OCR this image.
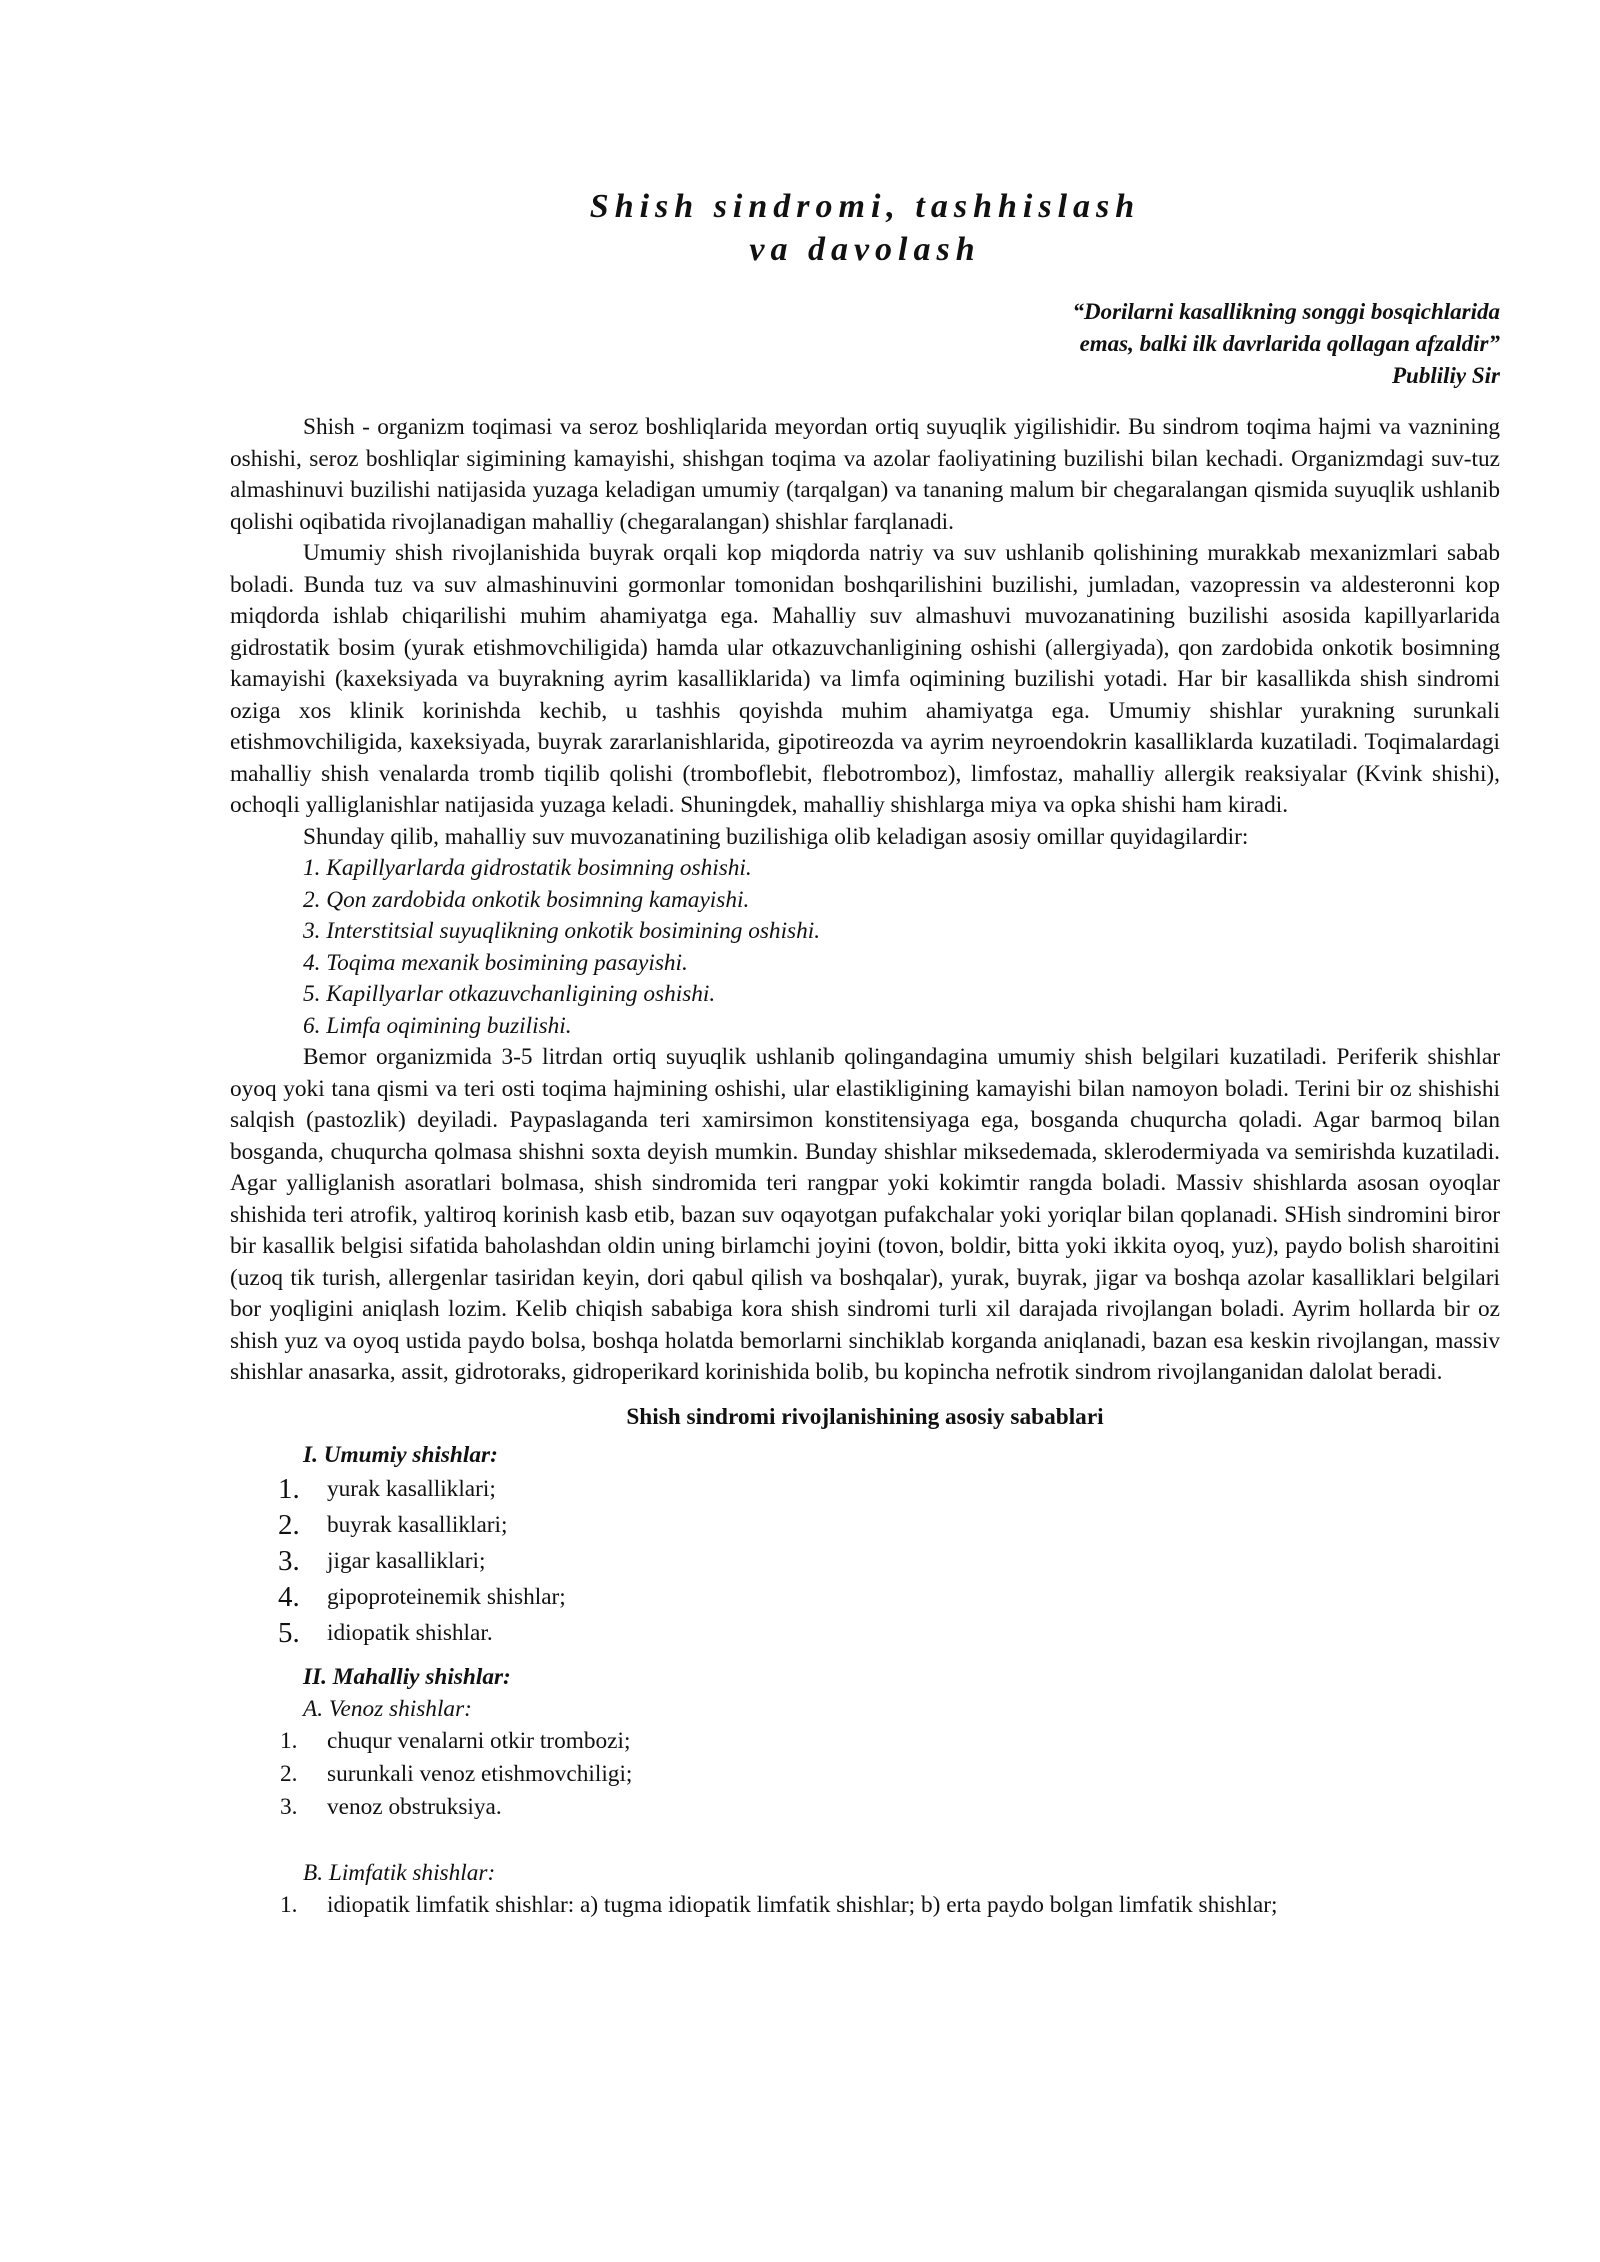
Shish sindromi, tashhislash
va davolash
“Dorilarni kasallikning songgi bosqichlarida
emas, balki ilk davrlarida qollagan afzaldir”
Publiliy Sir

Shish - organizm toqimasi va seroz boshliqlarida meyordan ortiq suyuqlik yigilishidir. Bu sindrom toqima hajmi va vaznining oshishi, seroz boshliqlar sigimining kamayishi, shishgan toqima va azolar faoliyatining buzilishi bilan kechadi. Organizmdagi suv-tuz almashinuvi buzilishi natijasida yuzaga keladigan umumiy (tarqalgan) va tananing malum bir chegaralangan qismida suyuqlik ushlanib qolishi oqibatida rivojlanadigan mahalliy (chegaralangan) shishlar farqlanadi.

Umumiy shish rivojlanishida buyrak orqali kop miqdorda natriy va suv ushlanib qolishining murakkab mexanizmlari sabab boladi. Bunda tuz va suv almashinuvini gormonlar tomonidan boshqarilishini buzilishi, jumladan, vazopressin va aldesteronni kop miqdorda ishlab chiqarilishi muhim ahamiyatga ega. Mahalliy suv almashuvi muvozanatining buzilishi asosida kapillyarlarida gidrostatik bosim (yurak etishmovchiligida) hamda ular otkazuvchanligining oshishi (allergiyada), qon zardobida onkotik bosimning kamayishi (kaxeksiyada va buyrakning ayrim kasalliklarida) va limfa oqimining buzilishi yotadi. Har bir kasallikda shish sindromi oziga xos klinik korinishda kechib, u tashhis qoyishda muhim ahamiyatga ega. Umumiy shishlar yurakning surunkali etishmovchiligida, kaxeksiyada, buyrak zararlanishlarida, gipotireozda va ayrim neyroendokrin kasalliklarda kuzatiladi. Toqimalardagi mahalliy shish venalarda tromb tiqilib qolishi (tromboflebit, flebotromboz), limfostaz, mahalliy allergik reaksiyalar (Kvink shishi), ochoqli yalliglanishlar natijasida yuzaga keladi. Shuningdek, mahalliy shishlarga miya va opka shishi ham kiradi.

Shunday qilib, mahalliy suv muvozanatining buzilishiga olib keladigan asosiy omillar quyidagilardir:

1. Kapillyarlarda gidrostatik bosimning oshishi.
2. Qon zardobida onkotik bosimning kamayishi.
3. Interstitsial suyuqlikning onkotik bosimining oshishi.
4. Toqima mexanik bosimining pasayishi.
5. Kapillyarlar otkazuvchanligining oshishi.
6. Limfa oqimining buzilishi.

Bemor organizmida 3-5 litrdan ortiq suyuqlik ushlanib qolingandagina umumiy shish belgilari kuzatiladi. Periferik shishlar oyoq yoki tana qismi va teri osti toqima hajmining oshishi, ular elastikligining kamayishi bilan namoyon boladi. Terini bir oz shishishi salqish (pastozlik) deyiladi. Paypaslaganda teri xamirsimon konstitensiyaga ega, bosganda chuqurcha qoladi. Agar barmoq bilan bosganda, chuqurcha qolmasa shishni soxta deyish mumkin. Bunday shishlar miksedemada, sklerodermiyada va semirishda kuzatiladi. Agar yalliglanish asoratlari bolmasa, shish sindromida teri rangpar yoki kokimtir rangda boladi. Massiv shishlarda asosan oyoqlar shishida teri atrofik, yaltiroq korinish kasb etib, bazan suv oqayotgan pufakchalar yoki yoriqlar bilan qoplanadi. SHish sindromini biror bir kasallik belgisi sifatida baholashdan oldin uning birlamchi joyini (tovon, boldir, bitta yoki ikkita oyoq, yuz), paydo bolish sharoitini (uzoq tik turish, allergenlar tasiridan keyin, dori qabul qilish va boshqalar), yurak, buyrak, jigar va boshqa azolar kasalliklari belgilari bor yoqligini aniqlash lozim. Kelib chiqish sababiga kora shish sindromi turli xil darajada rivojlangan boladi. Ayrim hollarda bir oz shish yuz va oyoq ustida paydo bolsa, boshqa holatda bemorlarni sinchiklab korganda aniqlanadi, bazan esa keskin rivojlangan, massiv shishlar anasarka, assit, gidrotoraks, gidroperikard korinishida bolib, bu kopincha nefrotik sindrom rivojlanganidan dalolat beradi.

Shish sindromi rivojlanishining asosiy sabablari
I. Umumiy shishlar:
1. yurak kasalliklari;
2. buyrak kasalliklari;
3. jigar kasalliklari;
4. gipoproteinemik shishlar;
5. idiopatik shishlar.
II. Mahalliy shishlar:
A. Venoz shishlar:
1. chuqur venalarni otkir trombozi;
2. surunkali venoz etishmovchiligi;
3. venoz obstruksiya.
B. Limfatik shishlar:
1. idiopatik limfatik shishlar: a) tugma idiopatik limfatik shishlar; b) erta paydo bolgan limfatik shishlar;
